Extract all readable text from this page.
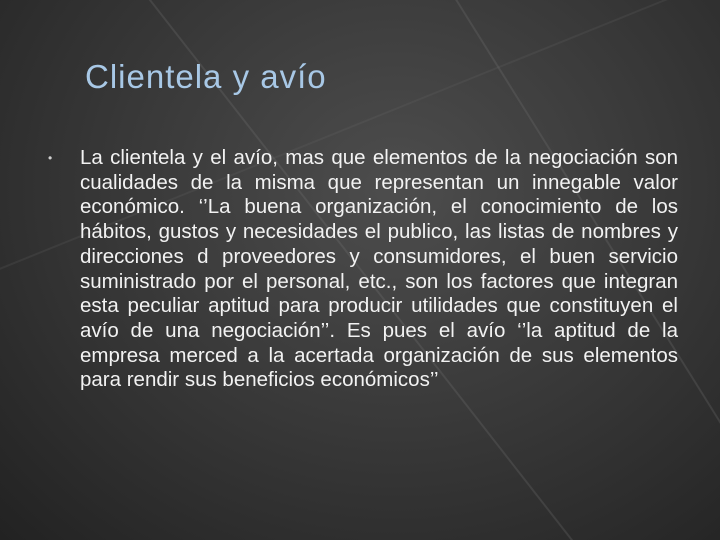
Clientela y avío
•	La clientela y el avío, mas que elementos de la negociación son cualidades de la misma que representan un innegable valor económico. ‘’La buena organización, el conocimiento de los hábitos, gustos y necesidades el publico, las listas de nombres y direcciones d proveedores y consumidores, el buen servicio suministrado por el personal, etc., son los factores que integran esta peculiar aptitud para producir utilidades que constituyen el avío de una negociación’’. Es pues el avío ‘’la aptitud de la empresa merced a la acertada organización de sus elementos para rendir sus beneficios económicos’’
